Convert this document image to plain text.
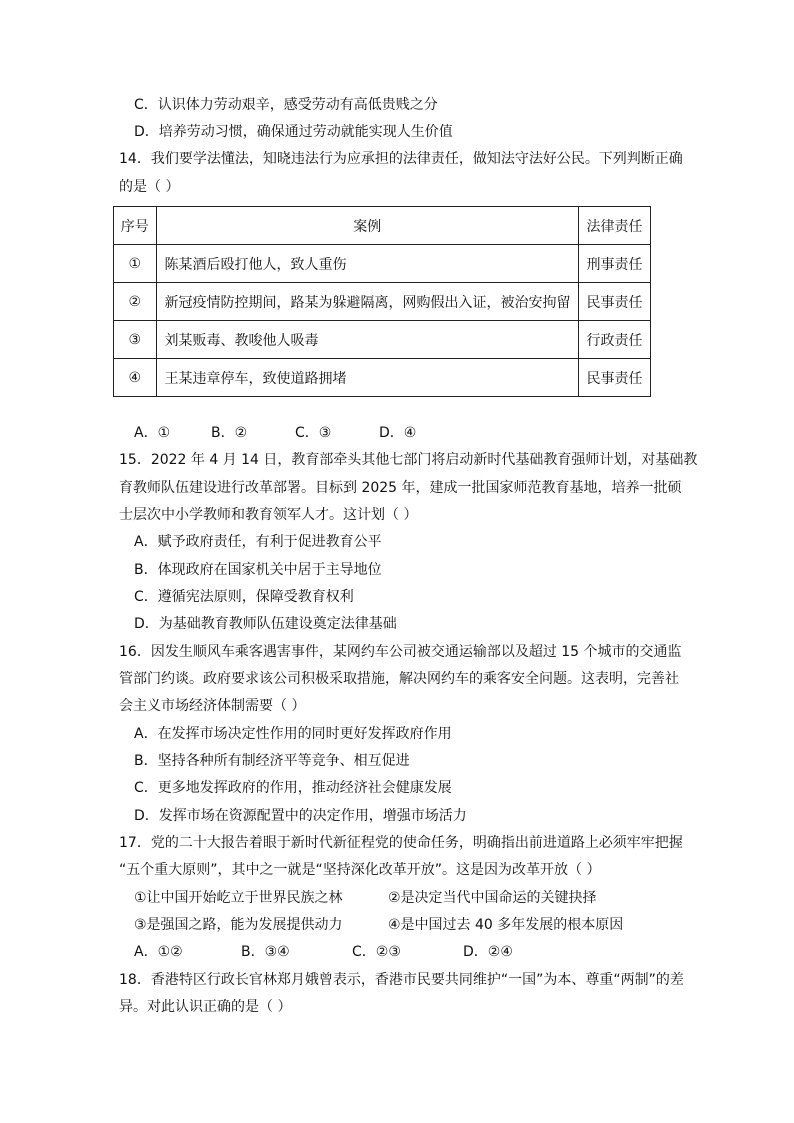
C．认识体力劳动艰辛，感受劳动有高低贵贱之分
D．培养劳动习惯，确保通过劳动就能实现人生价值
14．我们要学法懂法，知晓违法行为应承担的法律责任，做知法守法好公民。下列判断正确
的是（ ）
序号	案例	法律责任
①	陈某酒后殴打他人，致人重伤	刑事责任
②	新冠疫情防控期间，路某为躲避隔离，网购假出入证，被治安拘留	民事责任
③	刘某贩毒、教唆他人吸毒	行政责任
④	王某违章停车，致使道路拥堵	民事责任
A．①	B．②	C．③	D．④
15．2022 年 4 月 14 日，教育部牵头其他七部门将启动新时代基础教育强师计划，对基础教
育教师队伍建设进行改革部署。目标到 2025 年，建成一批国家师范教育基地，培养一批硕
士层次中小学教师和教育领军人才。这计划（ ）
A．赋予政府责任，有利于促进教育公平
B．体现政府在国家机关中居于主导地位
C．遵循宪法原则，保障受教育权利
D．为基础教育教师队伍建设奠定法律基础
16．因发生顺风车乘客遇害事件，某网约车公司被交通运输部以及超过 15 个城市的交通监
管部门约谈。政府要求该公司积极采取措施，解决网约车的乘客安全问题。这表明，完善社
会主义市场经济体制需要（ ）
A．在发挥市场决定性作用的同时更好发挥政府作用
B．坚持各种所有制经济平等竞争、相互促进
C．更多地发挥政府的作用，推动经济社会健康发展
D．发挥市场在资源配置中的决定作用，增强市场活力
17．党的二十大报告着眼于新时代新征程党的使命任务，明确指出前进道路上必须牢牢把握
“五个重大原则”，其中之一就是“坚持深化改革开放”。这是因为改革开放（ ）
①让中国开始屹立于世界民族之林	②是决定当代中国命运的关键抉择
③是强国之路，能为发展提供动力	④是中国过去 40 多年发展的根本原因
A．①②	B．③④	C．②③	D．②④
18．香港特区行政长官林郑月娥曾表示，香港市民要共同维护“一国”为本、尊重“两制”的差
异。对此认识正确的是（ ）
